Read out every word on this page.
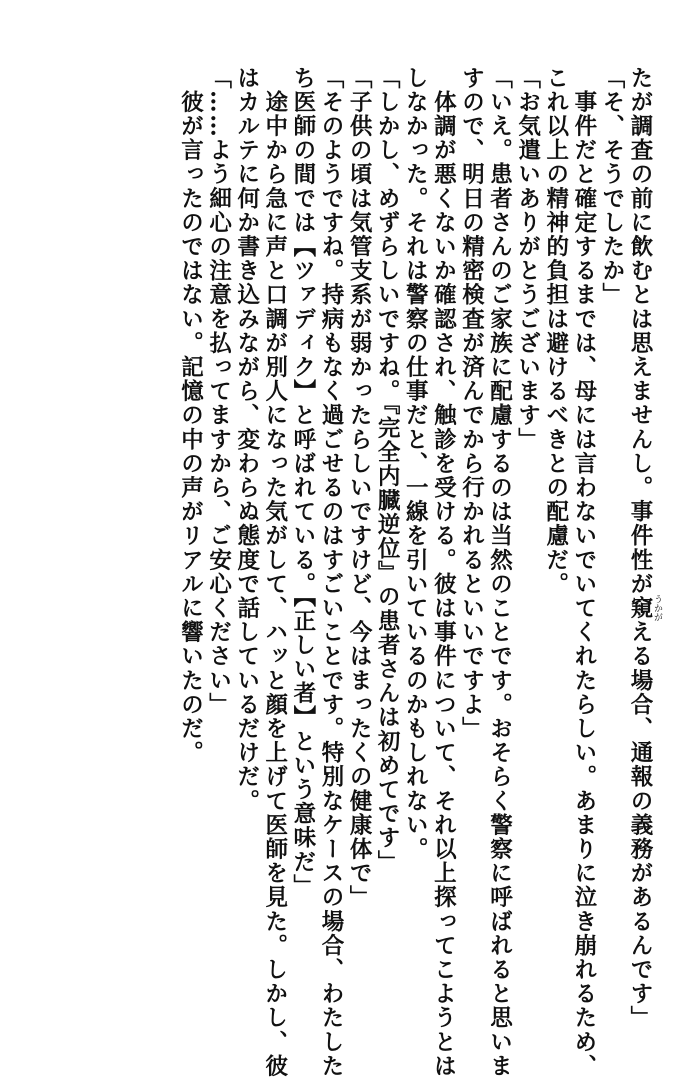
たが調査の前に飲むとは思えませんし。事件性が窺 うかがえる場合、通報の義務があるんです」
「そ、そうでしたか」
　事件だと確定するまでは、母には言わないでいてくれたらしい。あまりに泣き崩れるため、
これ以上の精神的負担は避けるべきとの配慮だ。
「お気遣いありがとうございます」
「いえ。患者さんのご家族に配慮するのは当然のことです。おそらく警察に呼ばれると思いま
すので、明日の精密検査が済んでから行かれるといいですよ」
　体調が悪くないか確認され、触診を受ける。彼は事件について、それ以上探ってこようとは
しなかった。それは警察の仕事だと、一線を引いているのかもしれない。
「しかし、めずらしいですね。『完全内臓逆位』の患者さんは初めてです」
「子供の頃は気管支系が弱かったらしいですけど、今はまったくの健康体で」
「そのようですね。持病もなく過ごせるのはすごいことです。特別なケースの場合、わたした
ち医師の間では【ツァディク】と呼ばれている。【正しい者】という意味だ」
　途中から急に声と口調が別人になった気がして、ハッと顔を上げて医師を見た。しかし、彼
はカルテに何か書き込みながら、変わらぬ態度で話しているだけだ。
「……よう細心の注意を払ってますから、ご安心ください」
　彼が言ったのではない。記憶の中の声がリアルに響いたのだ。
